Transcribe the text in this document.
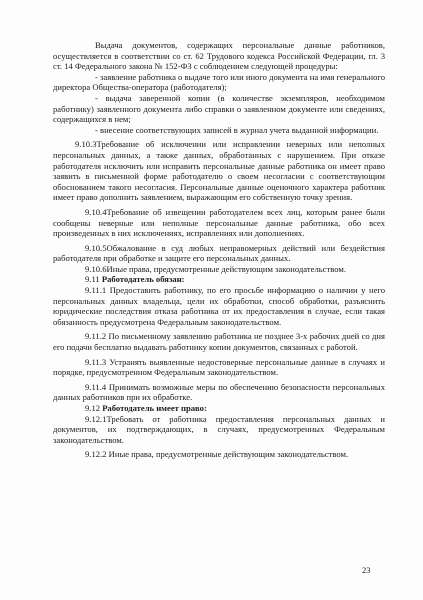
Выдача документов, содержащих персональные данные работников, осуществляется в соответствии со ст. 62 Трудового кодекса Российской Федерации, гл. 3 ст. 14 Федерального закона № 152-ФЗ с соблюдением следующей процедуры:

- заявление работника о выдаче того или иного документа на имя генерального директора Общества-оператора (работодателя);

- выдача заверенной копии (в количестве экземпляров, необходимом работнику) заявленного документа либо справки о заявленном документе или сведениях, содержащихся в нем;

- внесение соответствующих записей в журнал учета выданной информации.

9.10.3Требование об исключении или исправлении неверных или неполных персональных данных, а также данных, обработанных с нарушением. При отказе работодателя исключить или исправить персональные данные работника он имеет право заявить в письменной форме работодателю о своем несогласии с соответствующим обоснованием такого несогласия. Персональные данные оценочного характера работник имеет право дополнить заявлением, выражающим его собственную точку зрения.

9.10.4Требование об извещении работодателем всех лиц, которым ранее были сообщены неверные или неполные персональные данные работника, обо всех произведенных в них исключениях, исправлениях или дополнениях.

9.10.5Обжалование в суд любых неправомерных действий или бездействия работодателя при обработке и защите его персональных данных.

9.10.6Иные права, предусмотренные действующим законодательством.

9.11 Работодатель обязан:

9.11.1 Предоставить работнику, по его просьбе информацию о наличии у него персональных данных владельца, цели их обработки, способ обработки, разъяснить юридические последствия отказа работника от их предоставления в случае, если такая обязанность предусмотрена Федеральным законодательством.

9.11.2 По письменному заявлению работника не позднее 3-х рабочих дней со дня его подачи бесплатно выдавать работнику копии документов, связанных с работой.

9.11.3 Устранять выявленные недостоверные персональные данные в случаях и порядке, предусмотренном Федеральным законодательством.

9.11.4 Принимать возможные меры по обеспечению безопасности персональных данных работников при их обработке.

9.12 Работодатель имеет право:

9.12.1Требовать от работника предоставления персональных данных и документов, их подтверждающих, в случаях, предусмотренных Федеральным законодательством.

9.12.2 Иные права, предусмотренные действующим законодательством.

23
